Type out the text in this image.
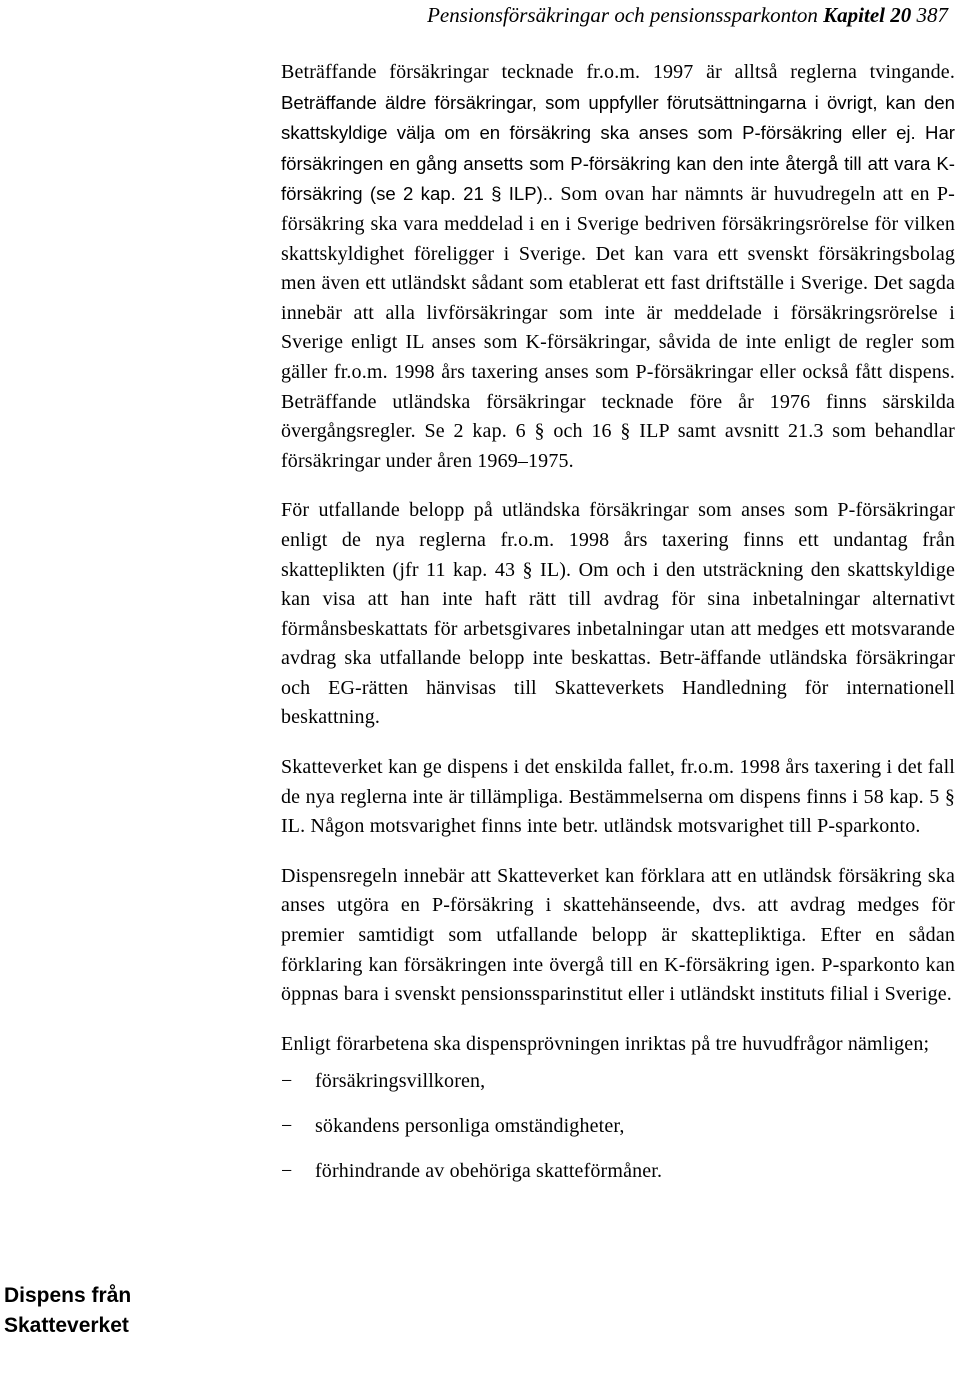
Pensionsförsäkringar och pensionssparkonton Kapitel 20 387
Dispens från
Skatteverket

Beträffande försäkringar tecknade fr.o.m. 1997 är alltså reglerna tvingande. Beträffande äldre försäkringar, som uppfyller förutsättningarna i övrigt, kan den skattskyldige välja om en försäkring ska anses som P-försäkring eller ej. Har försäkringen en gång ansetts som P-försäkring kan den inte återgå till att vara K-försäkring (se 2 kap. 21 § ILP).. Som ovan har nämnts är huvudregeln att en P-försäkring ska vara meddelad i en i Sverige bedriven försäkringsrörelse för vilken skattskyldighet föreligger i Sverige. Det kan vara ett svenskt försäkringsbolag men även ett utländskt sådant som etablerat ett fast driftställe i Sverige. Det sagda innebär att alla livförsäkringar som inte är meddelade i försäkringsrörelse i Sverige enligt IL anses som K-försäkringar, såvida de inte enligt de regler som gäller fr.o.m. 1998 års taxering anses som P-försäkringar eller också fått dispens. Beträffande utländska försäkringar tecknade före år 1976 finns särskilda övergångsregler. Se 2 kap. 6 § och 16 § ILP samt avsnitt 21.3 som behandlar försäkringar under åren 1969–1975.

För utfallande belopp på utländska försäkringar som anses som P-försäkringar enligt de nya reglerna fr.o.m. 1998 års taxering finns ett undantag från skatteplikten (jfr 11 kap. 43 § IL). Om och i den utsträckning den skattskyldige kan visa att han inte haft rätt till avdrag för sina inbetalningar alternativt förmånsbeskattats för arbetsgivares inbetalningar utan att medges ett motsvarande avdrag ska utfallande belopp inte beskattas. Betr-äffande utländska försäkringar och EG-rätten hänvisas till Skatteverkets Handledning för internationell beskattning.

Skatteverket kan ge dispens i det enskilda fallet, fr.o.m. 1998 års taxering i det fall de nya reglerna inte är tillämpliga. Bestämmelserna om dispens finns i 58 kap. 5 § IL. Någon motsvarighet finns inte betr. utländsk motsvarighet till P-sparkonto.

Dispensregeln innebär att Skatteverket kan förklara att en utländsk försäkring ska anses utgöra en P-försäkring i skattehänseende, dvs. att avdrag medges för premier samtidigt som utfallande belopp är skattepliktiga. Efter en sådan förklaring kan försäkringen inte övergå till en K-försäkring igen. P-sparkonto kan öppnas bara i svenskt pensionssparinstitut eller i utländskt instituts filial i Sverige.

Enligt förarbetena ska dispensprövningen inriktas på tre huvudfrågor nämligen;

− försäkringsvillkoren,
− sökandens personliga omständigheter,
− förhindrande av obehöriga skatteförmåner.
